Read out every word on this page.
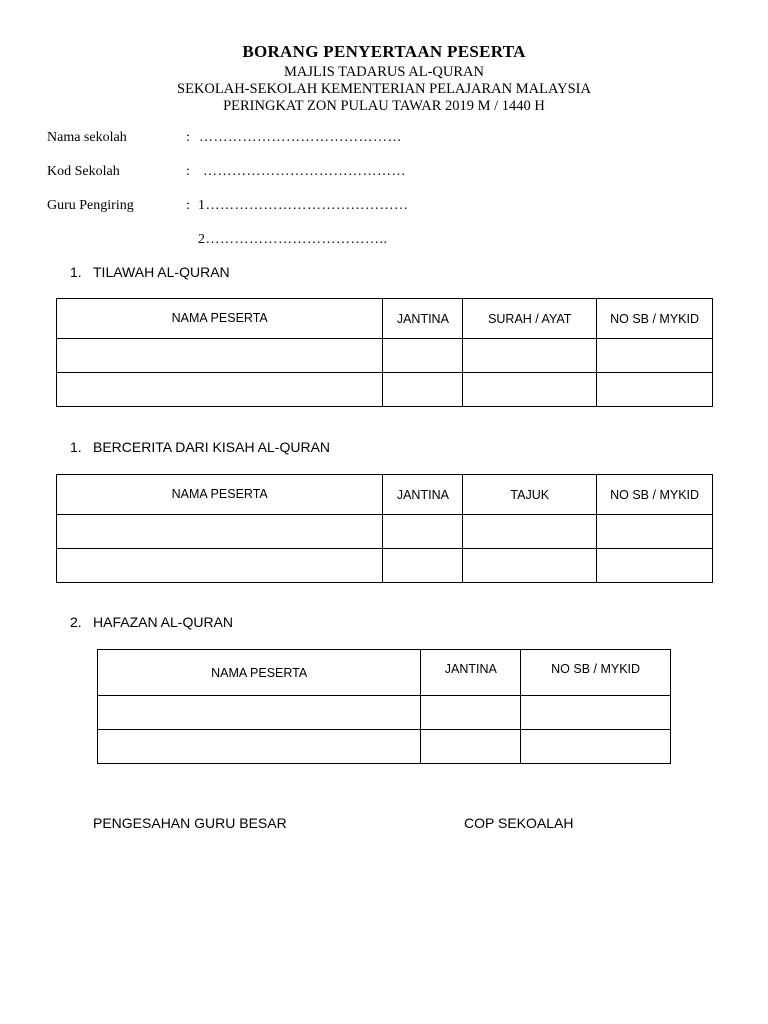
BORANG PENYERTAAN PESERTA
MAJLIS TADARUS AL-QURAN
SEKOLAH-SEKOLAH KEMENTERIAN PELAJARAN MALAYSIA
PERINGKAT ZON PULAU TAWAR 2019 M / 1440 H
Nama sekolah	: ……………………………………
Kod Sekolah	: ……………………………………
Guru Pengiring	: 1……………………………………
2………………………………..
1. TILAWAH AL-QURAN
NAMA PESERTA	JANTINA	SURAH / AYAT	NO SB / MYKID

1. BERCERITA DARI KISAH AL-QURAN
NAMA PESERTA	JANTINA	TAJUK	NO SB / MYKID

2. HAFAZAN AL-QURAN
NAMA PESERTA	JANTINA	NO SB / MYKID

PENGESAHAN GURU BESAR	COP SEKOALAH
